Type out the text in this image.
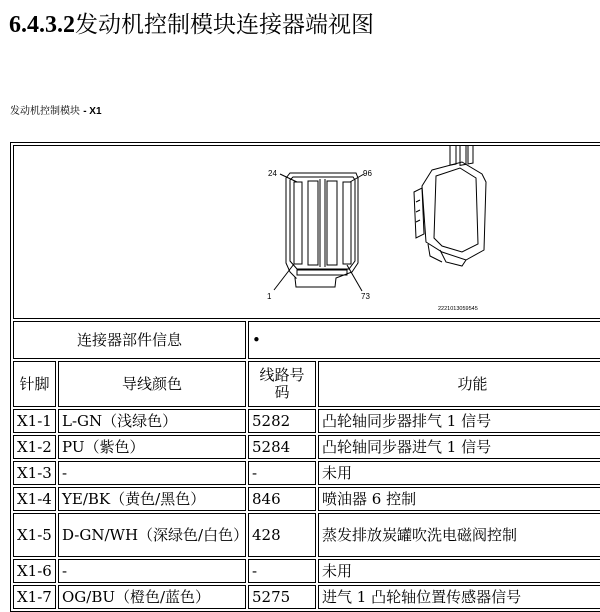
6.4.3.2发动机控制模块连接器端视图
发动机控制模块 - X1
24 96
1 73
2221013059545			

连接器部件信息		•	
针脚	导线颜色	线路号码	功能
X1-1	L-GN（浅绿色）	5282	凸轮轴同步器排气 1 信号
X1-2	PU（紫色）	5284	凸轮轴同步器进气 1 信号
X1-3	-	-	未用
X1-4	YE/BK（黄色/黑色）	846	喷油器 6 控制
X1-5	D-GN/WH（深绿色/白色）	428	蒸发排放炭罐吹洗电磁阀控制
X1-6	-	-	未用
X1-7	OG/BU（橙色/蓝色）	5275	进气 1 凸轮轴位置传感器信号
